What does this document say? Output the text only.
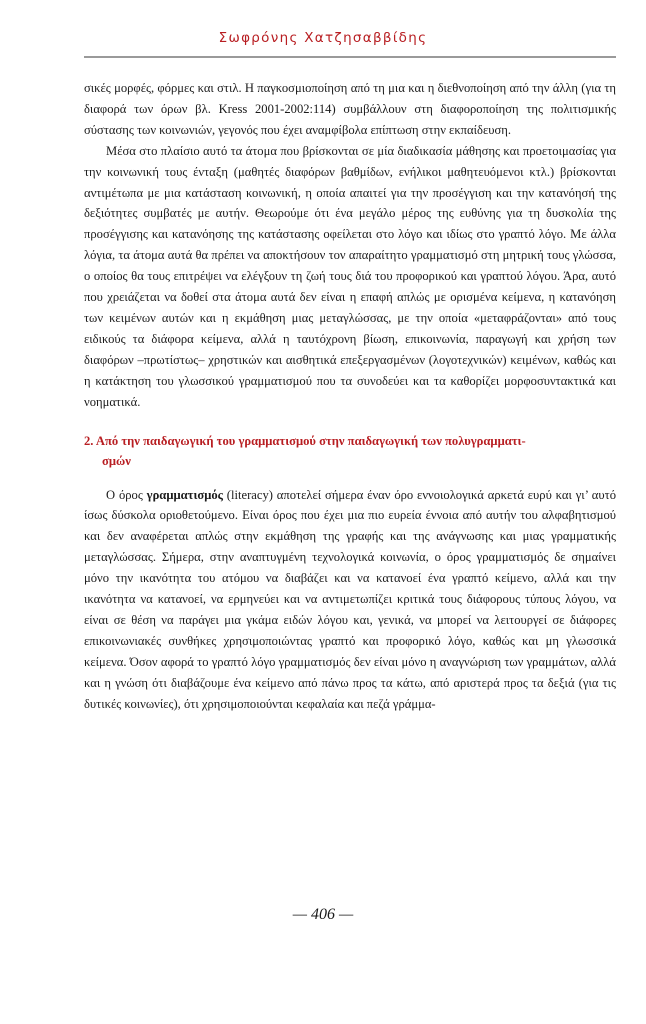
Σωφρόνης Χατζησαββίδης

σικές μορφές, φόρμες και στιλ. Η παγκοσμιοποίηση από τη μια και η διεθνοποίηση από την άλλη (για τη διαφορά των όρων βλ. Kress 2001-2002:114) συμβάλλουν στη διαφοροποίηση της πολιτισμικής σύστασης των κοινωνιών, γεγονός που έχει αναμφίβολα επίπτωση στην εκπαίδευση.

Μέσα στο πλαίσιο αυτό τα άτομα που βρίσκονται σε μία διαδικασία μάθησης και προετοιμασίας για την κοινωνική τους ένταξη (μαθητές διαφόρων βαθμίδων, ενήλικοι μαθητευόμενοι κτλ.) βρίσκονται αντιμέτωπα με μια κατάσταση κοινωνική, η οποία απαιτεί για την προσέγγιση και την κατανόησή της δεξιότητες συμβατές με αυτήν. Θεωρούμε ότι ένα μεγάλο μέρος της ευθύνης για τη δυσκολία της προσέγγισης και κατανόησης της κατάστασης οφείλεται στο λόγο και ιδίως στο γραπτό λόγο. Με άλλα λόγια, τα άτομα αυτά θα πρέπει να αποκτήσουν τον απαραίτητο γραμματισμό στη μητρική τους γλώσσα, ο οποίος θα τους επιτρέψει να ελέγξουν τη ζωή τους διά του προφορικού και γραπτού λόγου. Άρα, αυτό που χρειάζεται να δοθεί στα άτομα αυτά δεν είναι η επαφή απλώς με ορισμένα κείμενα, η κατανόηση των κειμένων αυτών και η εκμάθηση μιας μεταγλώσσας, με την οποία «μεταφράζονται» από τους ειδικούς τα διάφορα κείμενα, αλλά η ταυτόχρονη βίωση, επικοινωνία, παραγωγή και χρήση των διαφόρων –πρωτίστως– χρηστικών και αισθητικά επεξεργασμένων (λογοτεχνικών) κειμένων, καθώς και η κατάκτηση του γλωσσικού γραμματισμού που τα συνοδεύει και τα καθορίζει μορφοσυντακτικά και νοηματικά.

2. Από την παιδαγωγική του γραμματισμού στην παιδαγωγική των πολυγραμματι-
σμών

Ο όρος γραμματισμός (literacy) αποτελεί σήμερα έναν όρο εννοιολογικά αρκετά ευρύ και γι’ αυτό ίσως δύσκολα οριοθετούμενο. Είναι όρος που έχει μια πιο ευρεία έννοια από αυτήν του αλφαβητισμού και δεν αναφέρεται απλώς στην εκμάθηση της γραφής και της ανάγνωσης και μιας γραμματικής μεταγλώσσας. Σήμερα, στην αναπτυγμένη τεχνολογικά κοινωνία, ο όρος γραμματισμός δε σημαίνει μόνο την ικανότητα του ατόμου να διαβάζει και να κατανοεί ένα γραπτό κείμενο, αλλά και την ικανότητα να κατανοεί, να ερμηνεύει και να αντιμετωπίζει κριτικά τους διάφορους τύπους λόγου, να είναι σε θέση να παράγει μια γκάμα ειδών λόγου και, γενικά, να μπορεί να λειτουργεί σε διάφορες επικοινωνιακές συνθήκες χρησιμοποιώντας γραπτό και προφορικό λόγο, καθώς και μη γλωσσικά κείμενα. Όσον αφορά το γραπτό λόγο γραμματισμός δεν είναι μόνο η αναγνώριση των γραμμάτων, αλλά και η γνώση ότι διαβάζουμε ένα κείμενο από πάνω προς τα κάτω, από αριστερά προς τα δεξιά (για τις δυτικές κοινωνίες), ότι χρησιμοποιούνται κεφαλαία και πεζά γράμμα-

— 406 —
